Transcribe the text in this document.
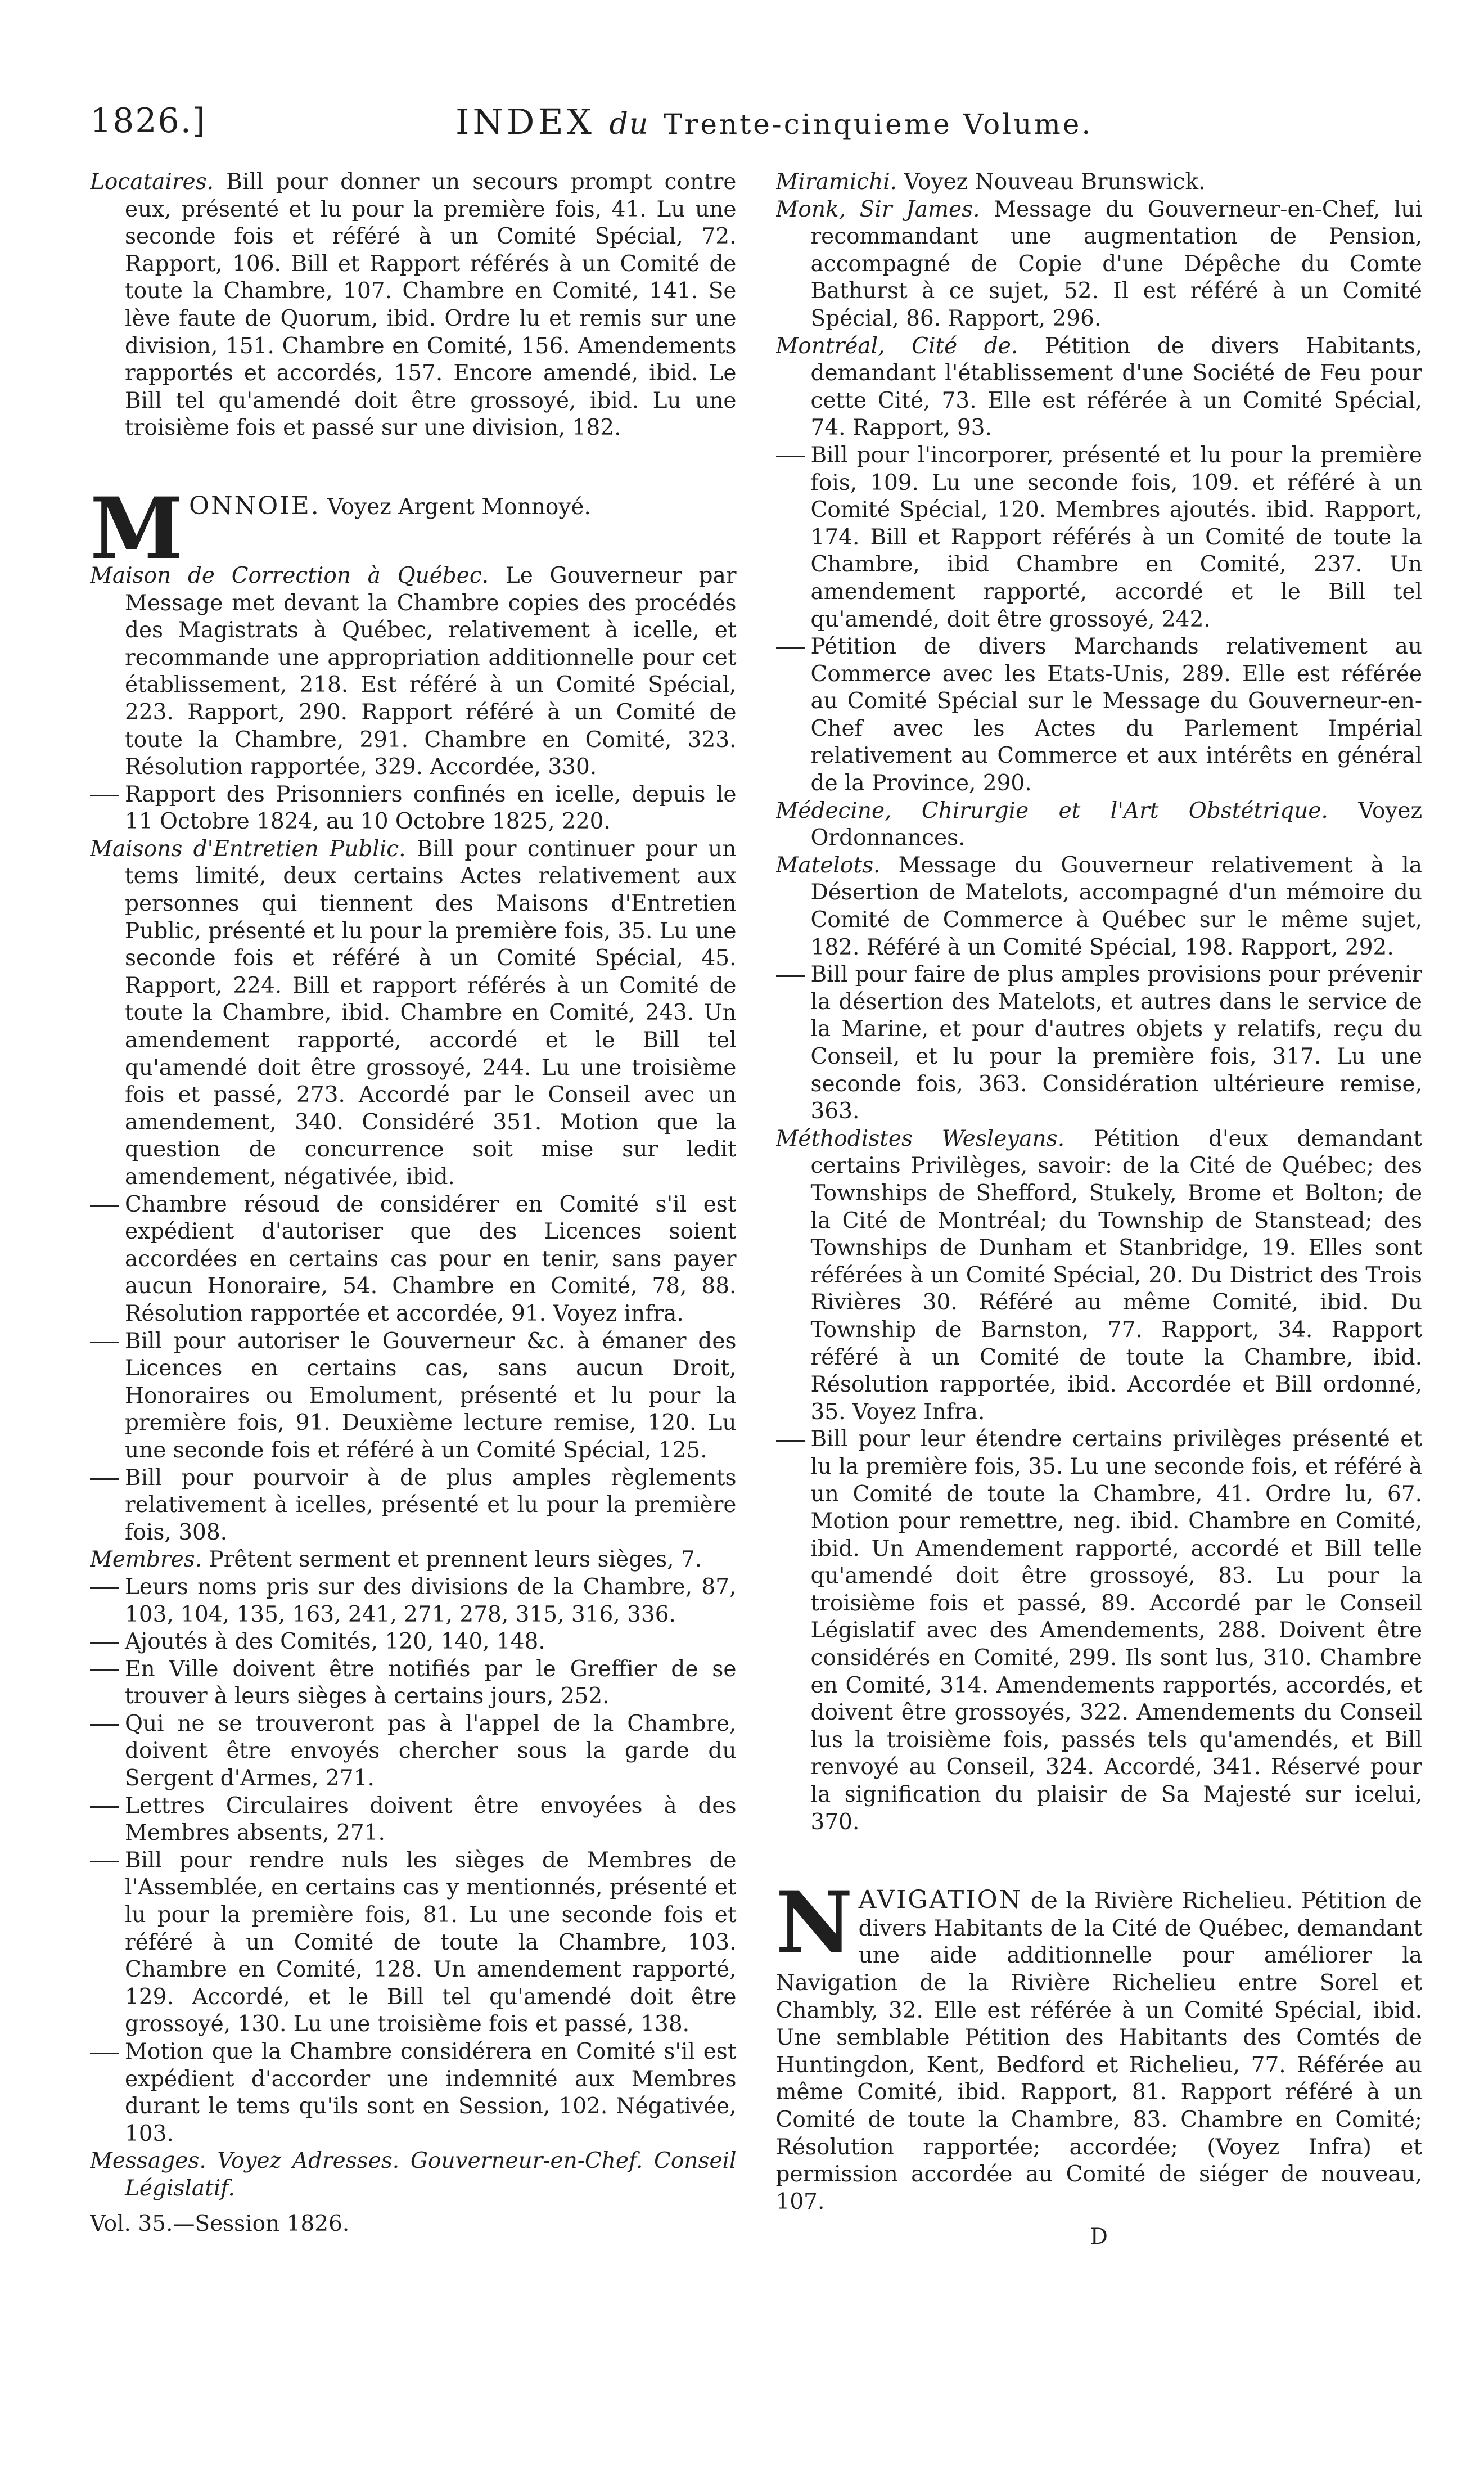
1826.]	INDEX du Trente-cinquieme Volume.

Locataires. Bill pour donner un secours prompt contre eux, présenté et lu pour la première fois, 41. Lu une seconde fois et référé à un Comité Spécial, 72. Rapport, 106. Bill et Rapport référés à un Comité de toute la Chambre, 107. Chambre en Comité, 141. Se lève faute de Quorum, ibid. Ordre lu et remis sur une division, 151. Chambre en Comité, 156. Amendements rapportés et accordés, 157. Encore amendé, ibid. Le Bill tel qu'amendé doit être grossoyé, ibid. Lu une troisième fois et passé sur une division, 182.

M ONNOIE. Voyez Argent Monnoyé.

Maison de Correction à Québec. Le Gouverneur par Message met devant la Chambre copies des procédés des Magistrats à Québec, relativement à icelle, et recommande une appropriation additionnelle pour cet établissement, 218. Est référé à un Comité Spécial, 223. Rapport, 290. Rapport référé à un Comité de toute la Chambre, 291. Chambre en Comité, 323. Résolution rapportée, 329. Accordée, 330.

Rapport des Prisonniers confinés en icelle, depuis le 11 Octobre 1824, au 10 Octobre 1825, 220.

Maisons d'Entretien Public. Bill pour continuer pour un tems limité, deux certains Actes relativement aux personnes qui tiennent des Maisons d'Entretien Public, présenté et lu pour la première fois, 35. Lu une seconde fois et référé à un Comité Spécial, 45. Rapport, 224. Bill et rapport référés à un Comité de toute la Chambre, ibid. Chambre en Comité, 243. Un amendement rapporté, accordé et le Bill tel qu'amendé doit être grossoyé, 244. Lu une troisième fois et passé, 273. Accordé par le Conseil avec un amendement, 340. Considéré 351. Motion que la question de concurrence soit mise sur ledit amendement, négativée, ibid.

Chambre résoud de considérer en Comité s'il est expédient d'autoriser que des Licences soient accordées en certains cas pour en tenir, sans payer aucun Honoraire, 54. Chambre en Comité, 78, 88. Résolution rapportée et accordée, 91. Voyez infra.

Bill pour autoriser le Gouverneur &c. à émaner des Licences en certains cas, sans aucun Droit, Honoraires ou Emolument, présenté et lu pour la première fois, 91. Deuxième lecture remise, 120. Lu une seconde fois et référé à un Comité Spécial, 125.

Bill pour pourvoir à de plus amples règlements relativement à icelles, présenté et lu pour la première fois, 308.

Membres. Prêtent serment et prennent leurs sièges, 7.

Leurs noms pris sur des divisions de la Chambre, 87, 103, 104, 135, 163, 241, 271, 278, 315, 316, 336.

Ajoutés à des Comités, 120, 140, 148.

En Ville doivent être notifiés par le Greffier de se trouver à leurs sièges à certains jours, 252.

Qui ne se trouveront pas à l'appel de la Chambre, doivent être envoyés chercher sous la garde du Sergent d'Armes, 271.

Lettres Circulaires doivent être envoyées à des Membres absents, 271.

Bill pour rendre nuls les sièges de Membres de l'Assemblée, en certains cas y mentionnés, présenté et lu pour la première fois, 81. Lu une seconde fois et référé à un Comité de toute la Chambre, 103. Chambre en Comité, 128. Un amendement rapporté, 129. Accordé, et le Bill tel qu'amendé doit être grossoyé, 130. Lu une troisième fois et passé, 138.

Motion que la Chambre considérera en Comité s'il est expédient d'accorder une indemnité aux Membres durant le tems qu'ils sont en Session, 102. Négativée, 103.

Messages. Voyez Adresses. Gouverneur-en-Chef. Conseil Législatif.

Vol. 35.—Session 1826.

Miramichi. Voyez Nouveau Brunswick.

Monk, Sir James. Message du Gouverneur-en-Chef, lui recommandant une augmentation de Pension, accompagné de Copie d'une Dépêche du Comte Bathurst à ce sujet, 52. Il est référé à un Comité Spécial, 86. Rapport, 296.

Montréal, Cité de. Pétition de divers Habitants, demandant l'établissement d'une Société de Feu pour cette Cité, 73. Elle est référée à un Comité Spécial, 74. Rapport, 93.

Bill pour l'incorporer, présenté et lu pour la première fois, 109. Lu une seconde fois, 109. et référé à un Comité Spécial, 120. Membres ajoutés. ibid. Rapport, 174. Bill et Rapport référés à un Comité de toute la Chambre, ibid Chambre en Comité, 237. Un amendement rapporté, accordé et le Bill tel qu'amendé, doit être grossoyé, 242.

Pétition de divers Marchands relativement au Commerce avec les Etats-Unis, 289. Elle est référée au Comité Spécial sur le Message du Gouverneur-en-Chef avec les Actes du Parlement Impérial relativement au Commerce et aux intérêts en général de la Province, 290.

Médecine, Chirurgie et l'Art Obstétrique. Voyez Ordonnances.

Matelots. Message du Gouverneur relativement à la Désertion de Matelots, accompagné d'un mémoire du Comité de Commerce à Québec sur le même sujet, 182. Référé à un Comité Spécial, 198. Rapport, 292.

Bill pour faire de plus amples provisions pour prévenir la désertion des Matelots, et autres dans le service de la Marine, et pour d'autres objets y relatifs, reçu du Conseil, et lu pour la première fois, 317. Lu une seconde fois, 363. Considération ultérieure remise, 363.

Méthodistes Wesleyans. Pétition d'eux demandant certains Privilèges, savoir: de la Cité de Québec; des Townships de Shefford, Stukely, Brome et Bolton; de la Cité de Montréal; du Township de Stanstead; des Townships de Dunham et Stanbridge, 19. Elles sont référées à un Comité Spécial, 20. Du District des Trois Rivières 30. Référé au même Comité, ibid. Du Township de Barnston, 77. Rapport, 34. Rapport référé à un Comité de toute la Chambre, ibid. Résolution rapportée, ibid. Accordée et Bill ordonné, 35. Voyez Infra.

Bill pour leur étendre certains privilèges présenté et lu la première fois, 35. Lu une seconde fois, et référé à un Comité de toute la Chambre, 41. Ordre lu, 67. Motion pour remettre, neg. ibid. Chambre en Comité, ibid. Un Amendement rapporté, accordé et Bill telle qu'amendé doit être grossoyé, 83. Lu pour la troisième fois et passé, 89. Accordé par le Conseil Législatif avec des Amendements, 288. Doivent être considérés en Comité, 299. Ils sont lus, 310. Chambre en Comité, 314. Amendements rapportés, accordés, et doivent être grossoyés, 322. Amendements du Conseil lus la troisième fois, passés tels qu'amendés, et Bill renvoyé au Conseil, 324. Accordé, 341. Réservé pour la signification du plaisir de Sa Majesté sur icelui, 370.

N AVIGATION de la Rivière Richelieu. Pétition de divers Habitants de la Cité de Québec, demandant une aide additionnelle pour améliorer la Navigation de la Rivière Richelieu entre Sorel et Chambly, 32. Elle est référée à un Comité Spécial, ibid. Une semblable Pétition des Habitants des Comtés de Huntingdon, Kent, Bedford et Richelieu, 77. Référée au même Comité, ibid. Rapport, 81. Rapport référé à un Comité de toute la Chambre, 83. Chambre en Comité; Résolution rapportée; accordée; (Voyez Infra) et permission accordée au Comité de siéger de nouveau, 107.
D
